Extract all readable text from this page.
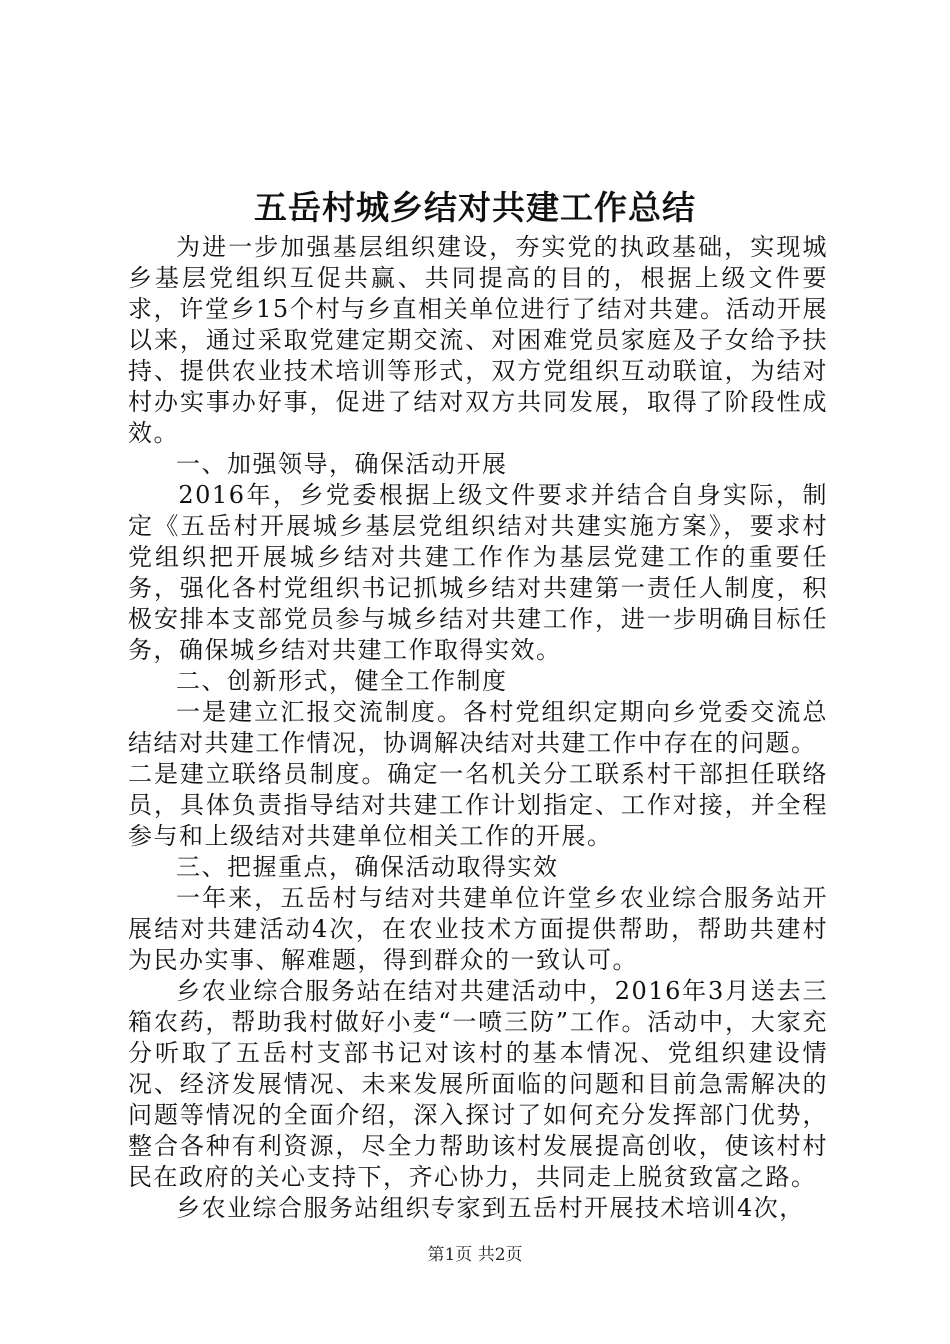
五岳村城乡结对共建工作总结

为进一步加强基层组织建设，夯实党的执政基础，实现城乡基层党组织互促共赢、共同提高的目的，根据上级文件要求，许堂乡15个村与乡直相关单位进行了结对共建。活动开展以来，通过采取党建定期交流、对困难党员家庭及子女给予扶持、提供农业技术培训等形式，双方党组织互动联谊，为结对村办实事办好事，促进了结对双方共同发展，取得了阶段性成效。

一、加强领导，确保活动开展

2016年，乡党委根据上级文件要求并结合自身实际，制定《五岳村开展城乡基层党组织结对共建实施方案》，要求村党组织把开展城乡结对共建工作作为基层党建工作的重要任务，强化各村党组织书记抓城乡结对共建第一责任人制度，积极安排本支部党员参与城乡结对共建工作，进一步明确目标任务，确保城乡结对共建工作取得实效。

二、创新形式，健全工作制度

一是建立汇报交流制度。各村党组织定期向乡党委交流总结结对共建工作情况，协调解决结对共建工作中存在的问题。

二是建立联络员制度。确定一名机关分工联系村干部担任联络员，具体负责指导结对共建工作计划指定、工作对接，并全程参与和上级结对共建单位相关工作的开展。

三、把握重点，确保活动取得实效

一年来，五岳村与结对共建单位许堂乡农业综合服务站开展结对共建活动4次，在农业技术方面提供帮助，帮助共建村为民办实事、解难题，得到群众的一致认可。

乡农业综合服务站在结对共建活动中，2016年3月送去三箱农药，帮助我村做好小麦“一喷三防”工作。活动中，大家充分听取了五岳村支部书记对该村的基本情况、党组织建设情况、经济发展情况、未来发展所面临的问题和目前急需解决的问题等情况的全面介绍，深入探讨了如何充分发挥部门优势，整合各种有利资源，尽全力帮助该村发展提高创收，使该村村民在政府的关心支持下，齐心协力，共同走上脱贫致富之路。

乡农业综合服务站组织专家到五岳村开展技术培训4次，

第1页 共2页
